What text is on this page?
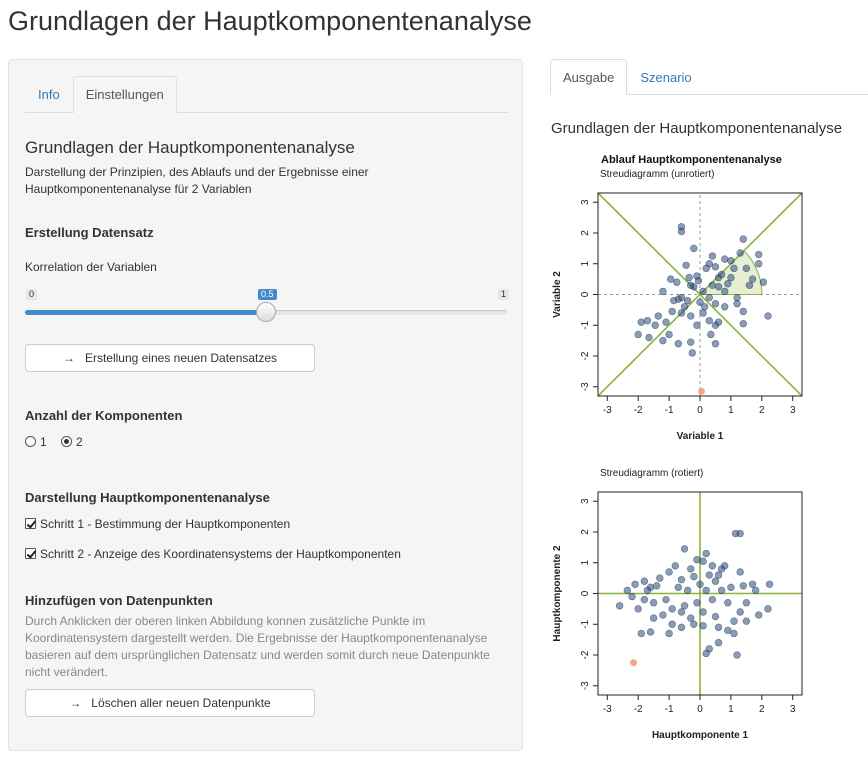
Grundlagen der Hauptkomponentenanalyse
Info	Einstellungen
Grundlagen der Hauptkomponentenanalyse
Darstellung der Prinzipien, des Ablaufs und der Ergebnisse einer Hauptkomponentenanalyse für 2 Variablen
Erstellung Datensatz
Korrelation der Variablen
0	1
0.5
→ Erstellung eines neuen Datensatzes
Anzahl der Komponenten
1	2
Darstellung Hauptkomponentenanalyse
Schritt 1 - Bestimmung der Hauptkomponenten
Schritt 2 - Anzeige des Koordinatensystems der Hauptkomponenten
Hinzufügen von Datenpunkten
Durch Anklicken der oberen linken Abbildung konnen zusätzliche Punkte im
Koordinatensystem dargestellt werden. Die Ergebnisse der Hauptkomponentenanalyse
basieren auf dem ursprünglichen Datensatz und werden somit durch neue Datenpunkte
nicht verändert.
→ Löschen aller neuen Datenpunkte
Ausgabe	Szenario
Grundlagen der Hauptkomponentenanalyse
Ablauf Hauptkomponentenanalyse
Streudiagramm (unrotiert)
-3 -2 -1 0	1	2	3
-3
-2
-1
0
1
2
3
Variable 1
Variable 2
Streudiagramm (rotiert)
-3 -2 -1 0	1	2	3
-3
-2
-1
0
1
2
3
Hauptkomponente 1
Hauptkomponente 2
